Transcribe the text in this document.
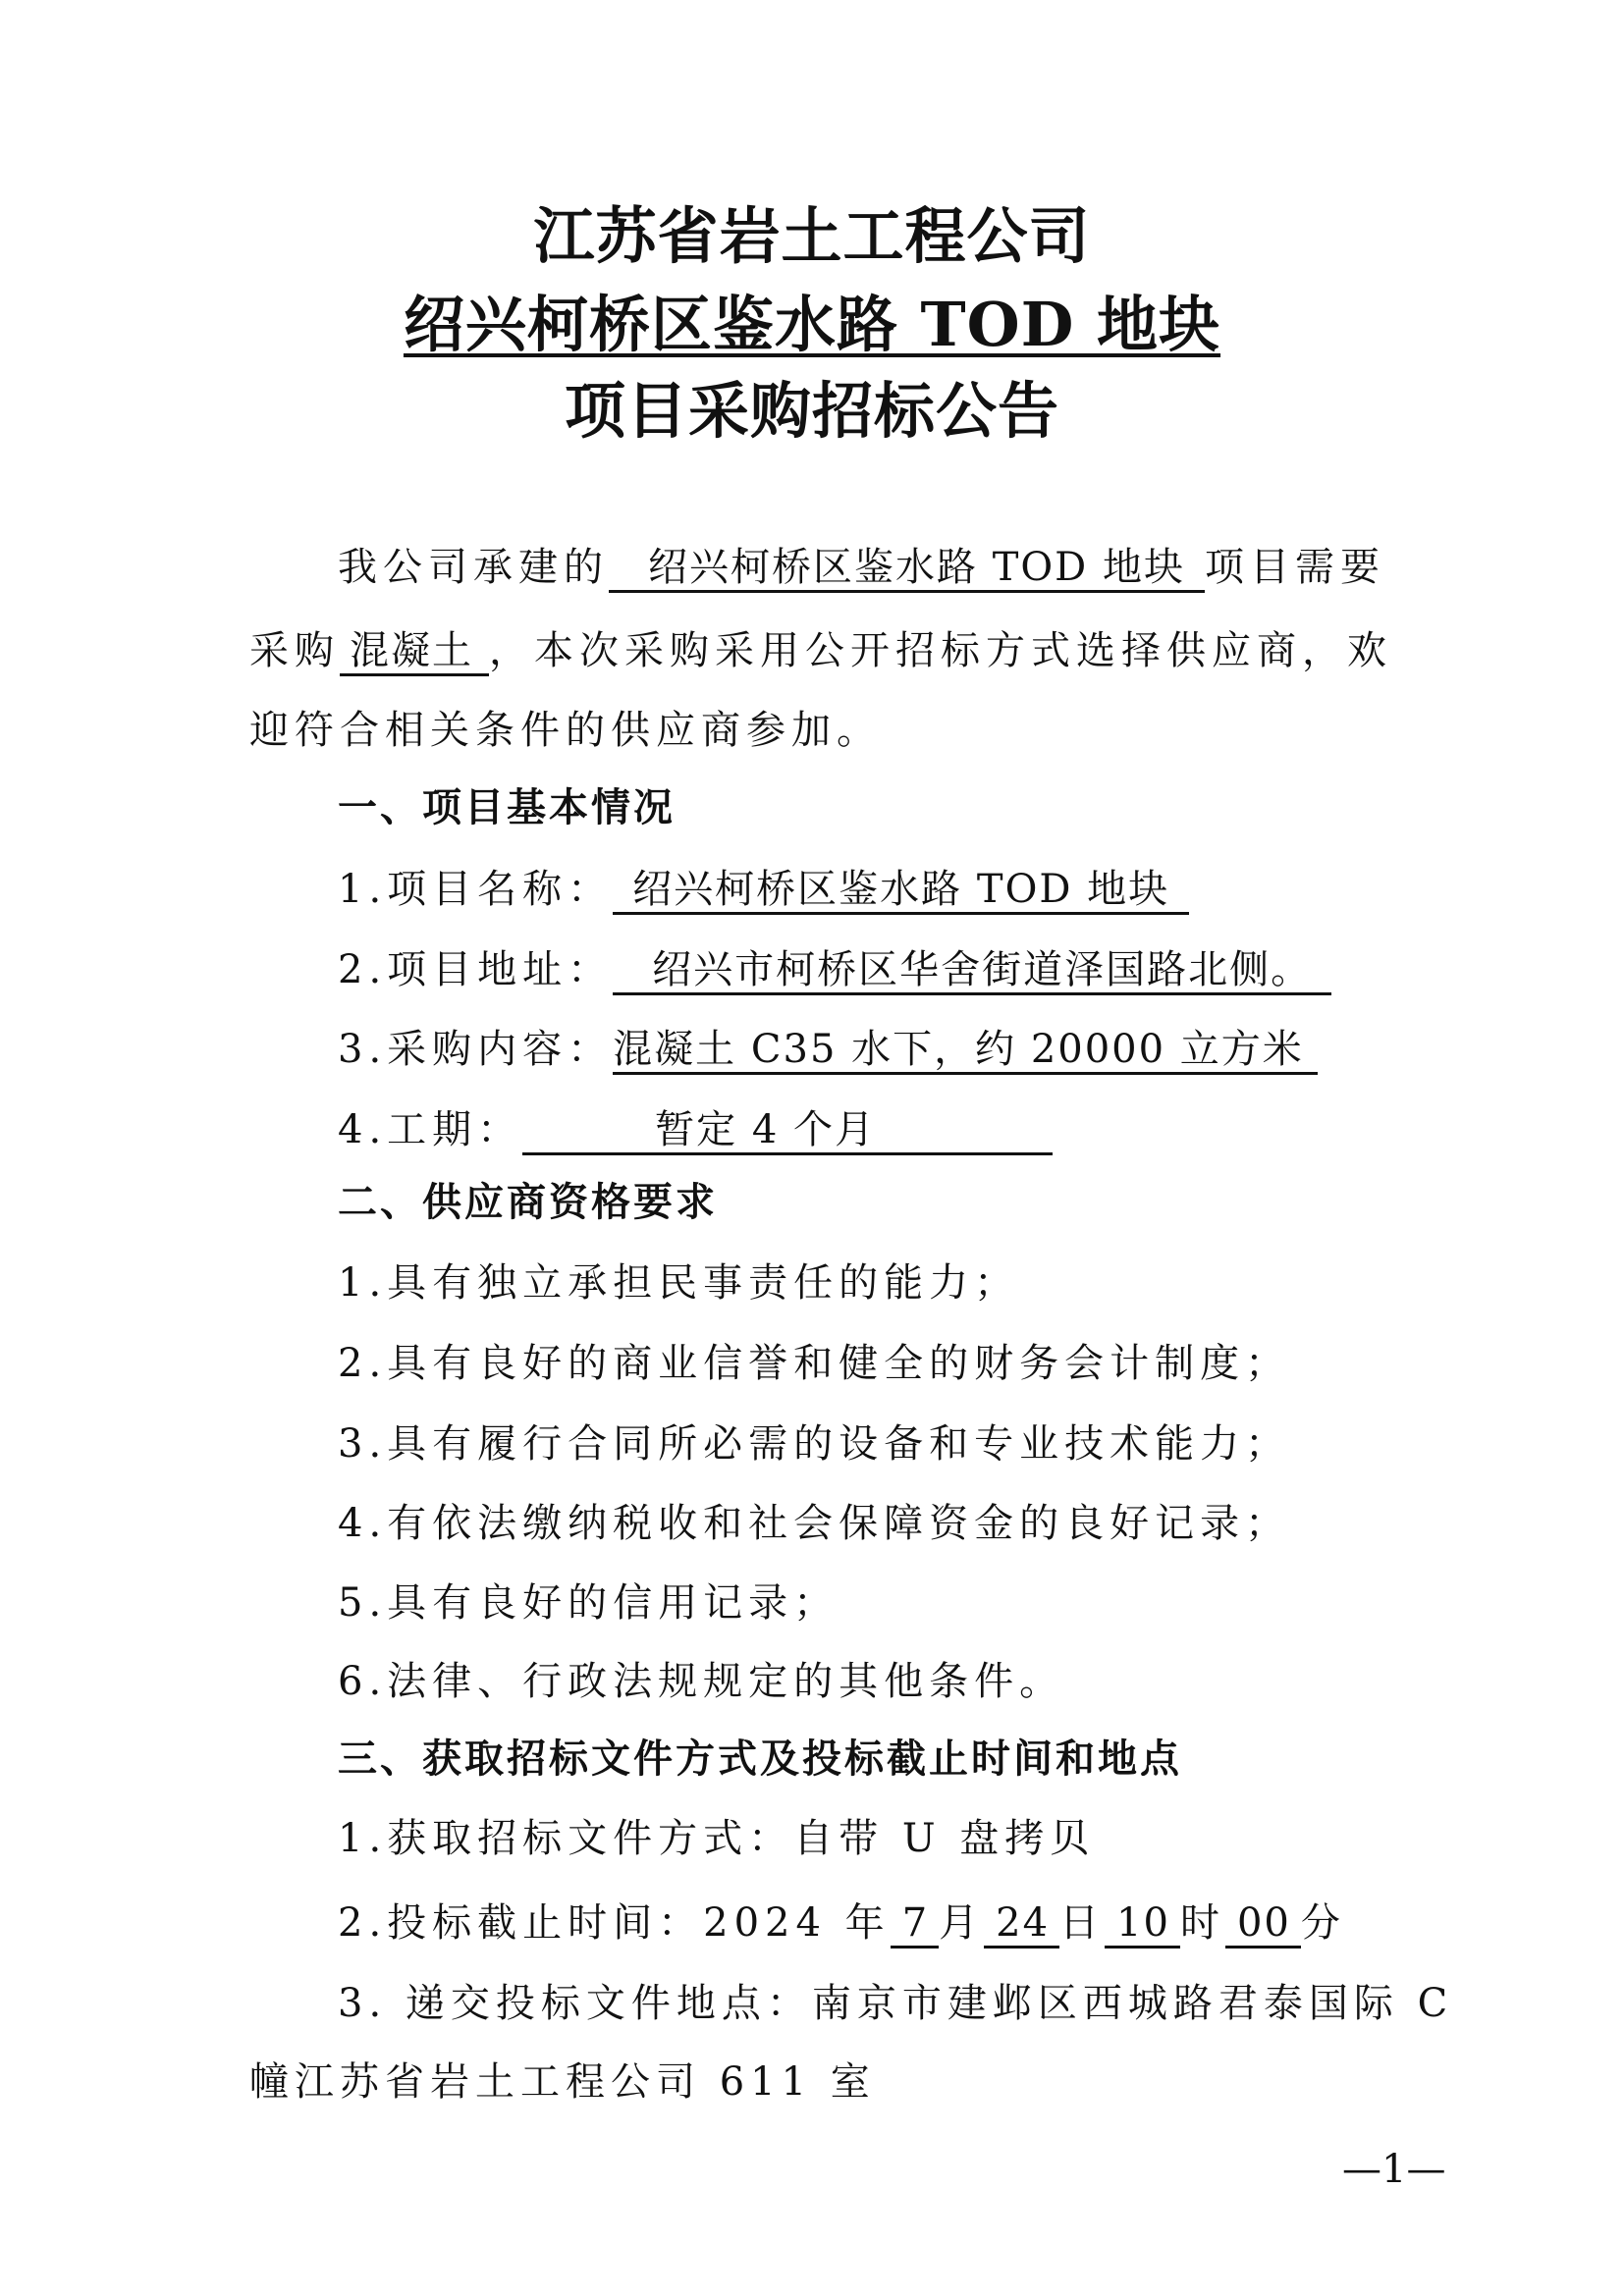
江苏省岩土工程公司
绍兴柯桥区鉴水路 TOD 地块
项目采购招标公告
我公司承建的 绍兴柯桥区鉴水路 TOD 地块 项目需要
采购 混凝土 ，本次采购采用公开招标方式选择供应商，欢
迎符合相关条件的供应商参加。
一、项目基本情况
1.项目名称： 绍兴柯桥区鉴水路 TOD 地块
2.项目地址： 绍兴市柯桥区华舍街道泽国路北侧。
3.采购内容：混凝土 C35 水下，约 20000 立方米
4.工期：	暂定 4 个月
二、供应商资格要求
1.具有独立承担民事责任的能力；
2.具有良好的商业信誉和健全的财务会计制度；
3.具有履行合同所必需的设备和专业技术能力；
4.有依法缴纳税收和社会保障资金的良好记录；
5.具有良好的信用记录；
6.法律、行政法规规定的其他条件。
三、获取招标文件方式及投标截止时间和地点
1.获取招标文件方式：自带 U 盘拷贝
2.投标截止时间：2024 年 7 月 24 日 10 时 00 分
3. 递交投标文件地点：南京市建邺区西城路君泰国际 C
幢江苏省岩土工程公司 611 室
—1—
